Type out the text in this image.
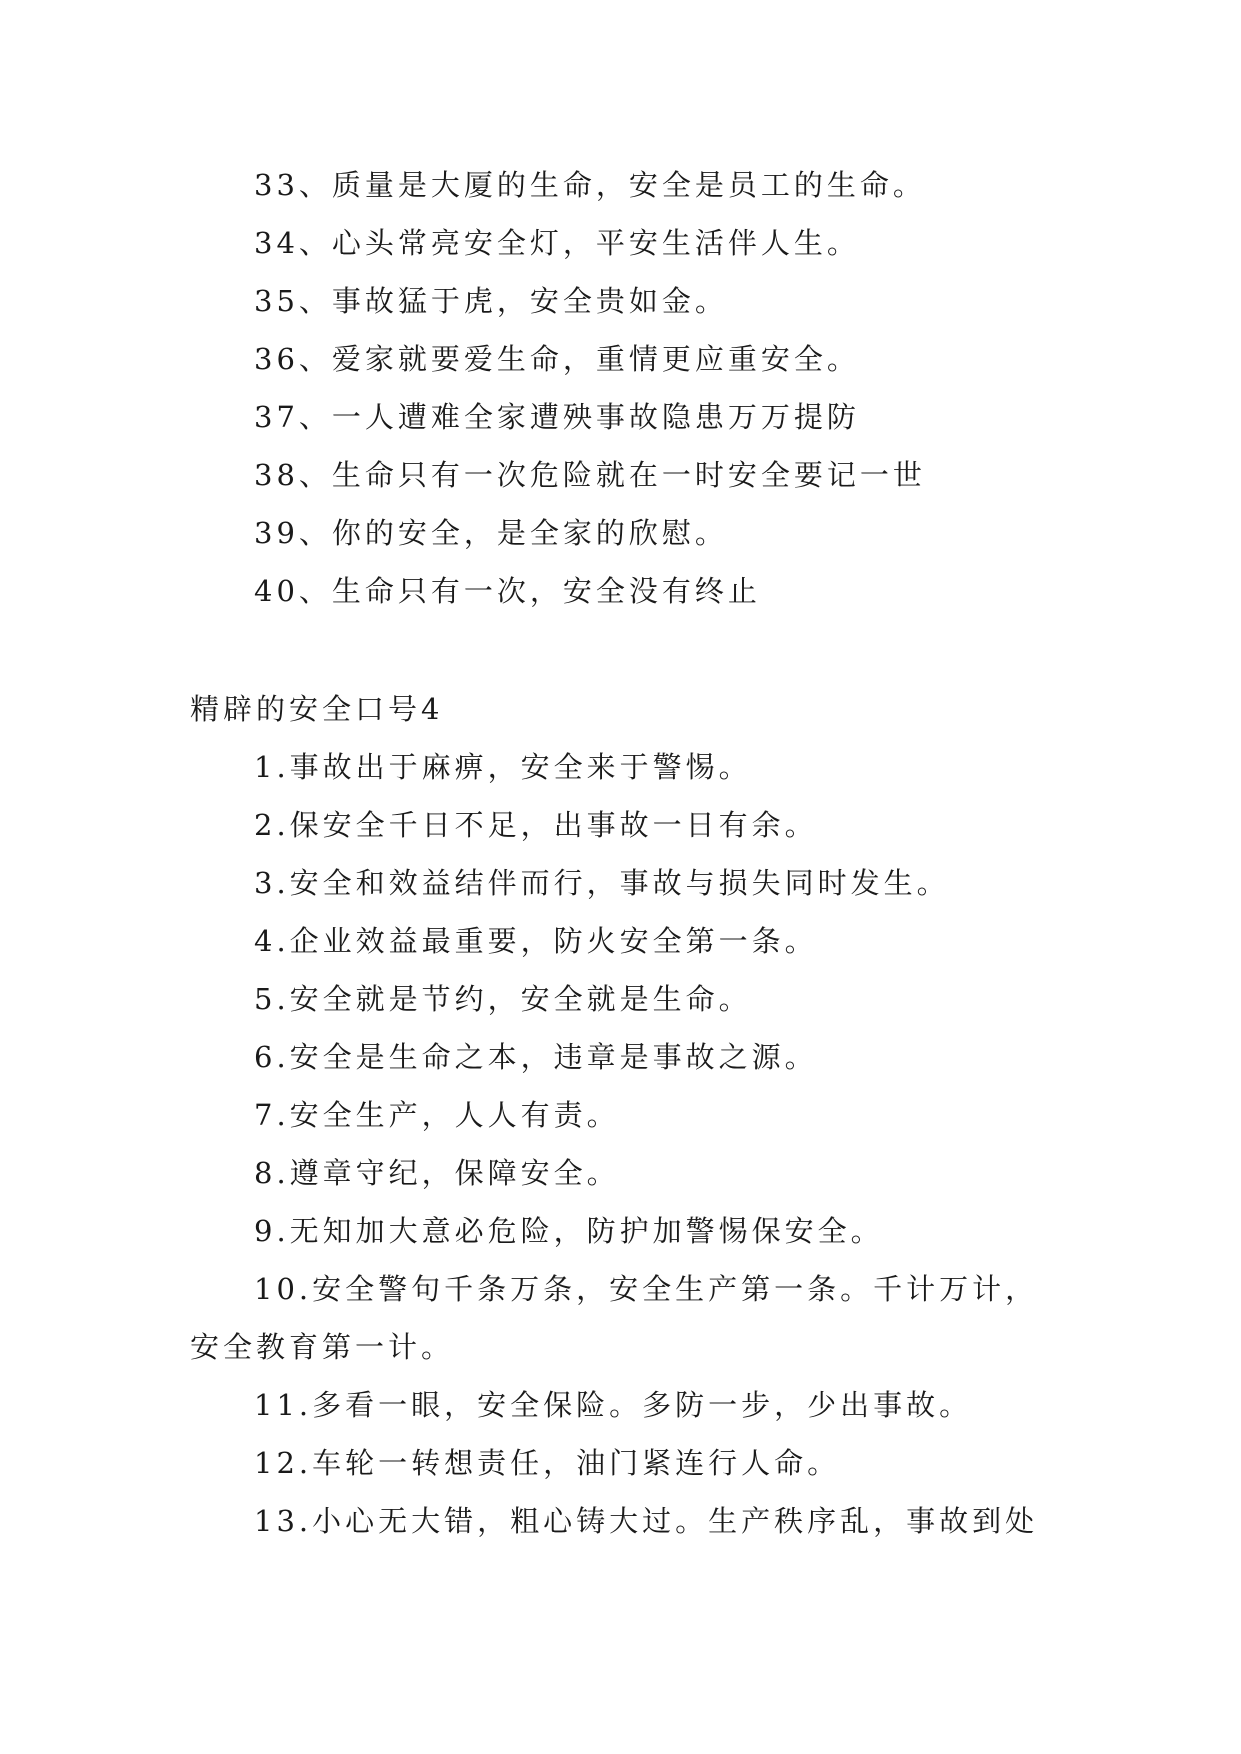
33、质量是大厦的生命，安全是员工的生命。
34、心头常亮安全灯，平安生活伴人生。
35、事故猛于虎，安全贵如金。
36、爱家就要爱生命，重情更应重安全。
37、一人遭难全家遭殃事故隐患万万提防
38、生命只有一次危险就在一时安全要记一世
39、你的安全，是全家的欣慰。
40、生命只有一次，安全没有终止
精辟的安全口号4
1.事故出于麻痹，安全来于警惕。
2.保安全千日不足，出事故一日有余。
3.安全和效益结伴而行，事故与损失同时发生。
4.企业效益最重要，防火安全第一条。
5.安全就是节约，安全就是生命。
6.安全是生命之本，违章是事故之源。
7.安全生产，人人有责。
8.遵章守纪，保障安全。
9.无知加大意必危险，防护加警惕保安全。
10.安全警句千条万条，安全生产第一条。千计万计，
安全教育第一计。
11.多看一眼，安全保险。多防一步，少出事故。
12.车轮一转想责任，油门紧连行人命。
13.小心无大错，粗心铸大过。生产秩序乱，事故到处
